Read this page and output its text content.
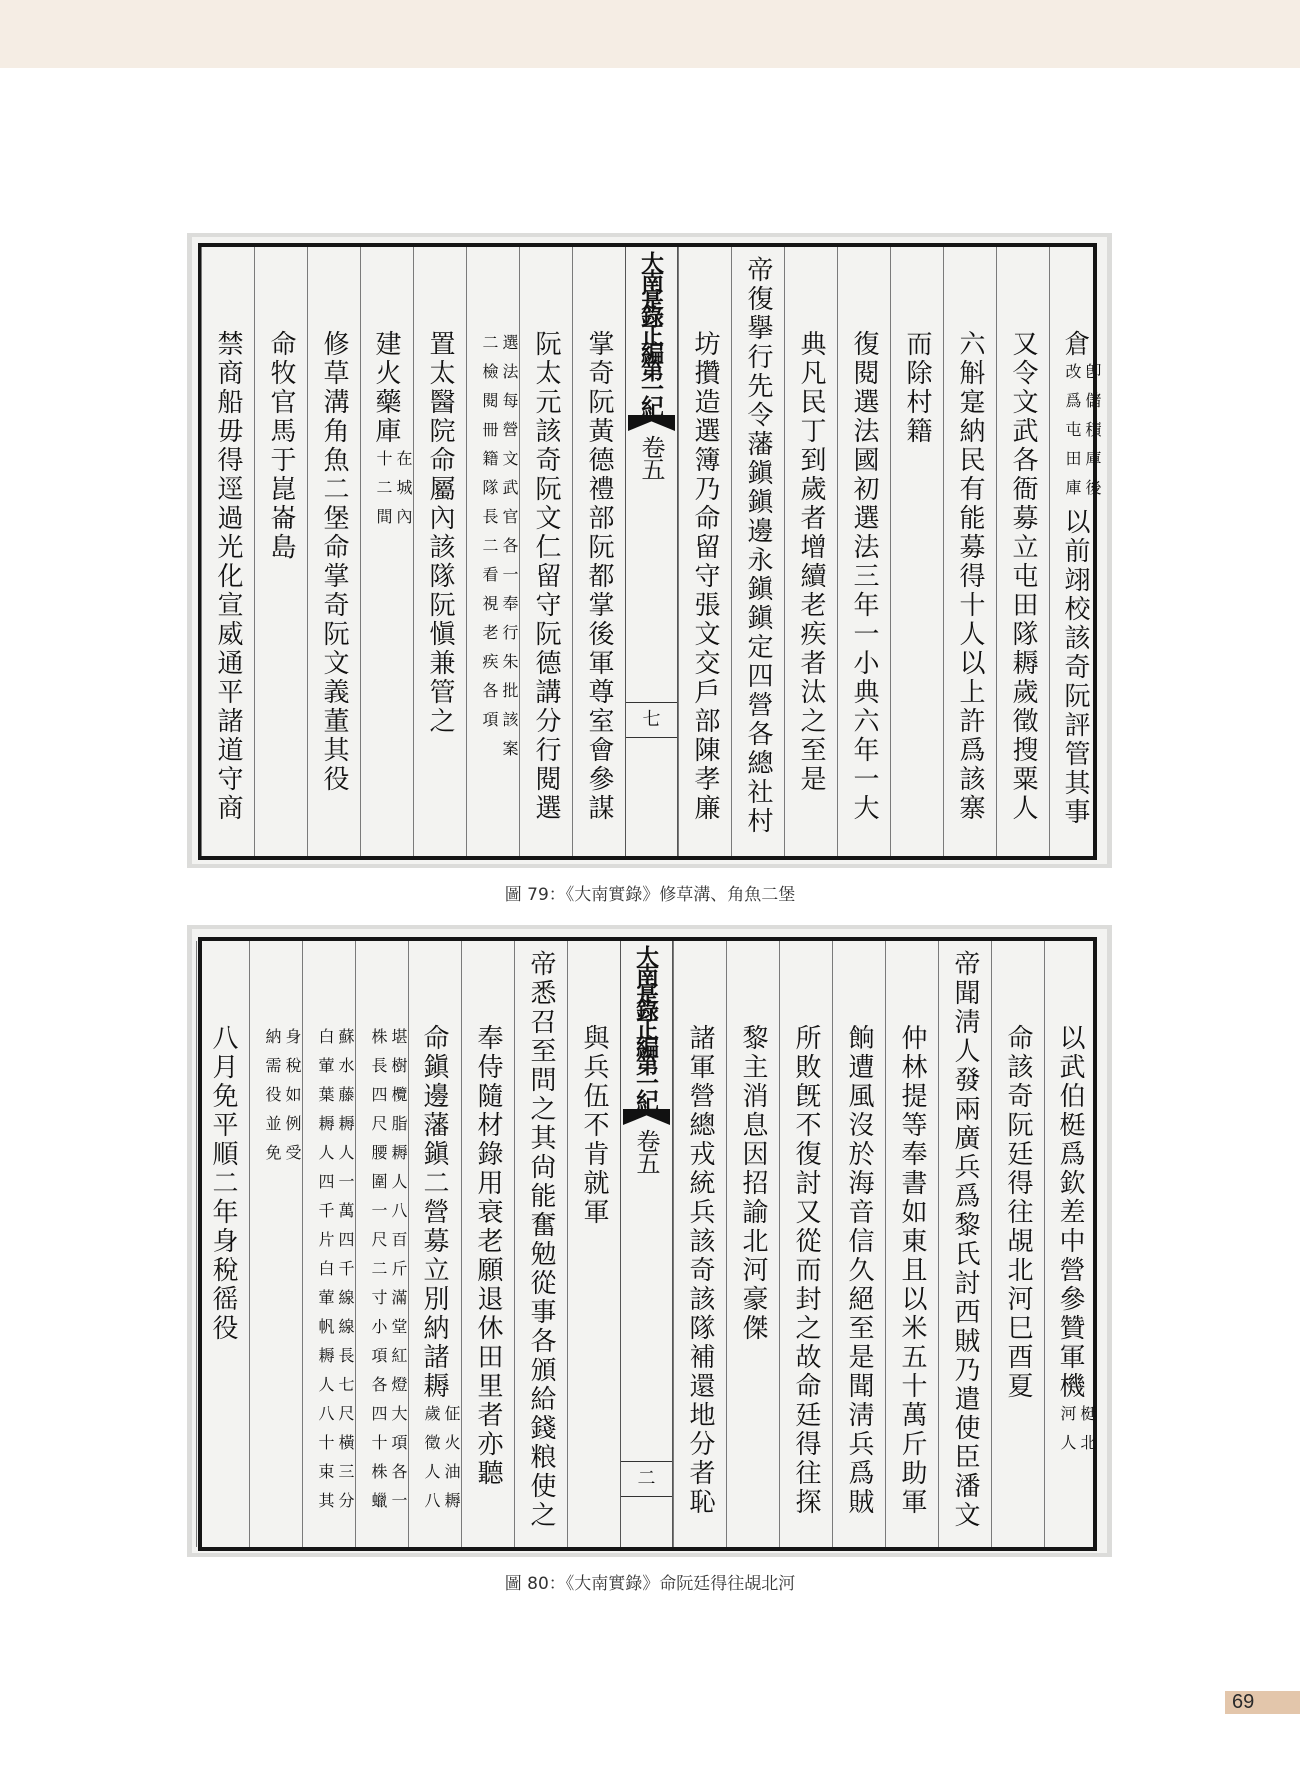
倉
卽儲積庫後
改爲屯田庫
以前翊校該奇阮評管其事
又令文武各衙募立屯田隊耨歲徵搜粟人
六斛寔納民有能募得十人以上許爲該寨
而除村籍
復閱選法國初選法三年一小典六年一大
典凡民丁到歲者增續老疾者汰之至是
帝復擧行先令藩鎭鎭邊永鎭鎭定四營各總社村
坊攢造選簿乃命留守張文交戶部陳孝廉
掌奇阮黃德禮部阮都掌後軍尊室會參謀
阮太元該奇阮文仁留守阮德講分行閱選
選法每營文武官各一奉行朱批該案
二檢閱冊籍隊長二看視老疾各項
置太醫院命屬內該隊阮愼兼管之
建火藥庫
在城內
十二間
修草溝角魚二堡命掌奇阮文義董其役
命牧官馬于崑崙島
禁商船毋得逕過光化宣威通平諸道守商	大南寔錄正編第一紀
卷五
七
圖 79：《大南實錄》修草溝、角魚二堡
以武伯梃爲欽差中營參贊軍機
梃北
河人
命該奇阮廷得往覘北河巳酉夏
帝聞淸人發兩廣兵爲黎氏討西賊乃遣使臣潘文
仲林提等奉書如東且以米五十萬斤助軍
餉遭風沒於海音信久絕至是聞淸兵爲賊
所敗旣不復討又從而封之故命廷得往探
黎主消息因招諭北河豪傑
諸軍營總戎統兵該奇該隊補還地分者恥
與兵伍不肯就軍
帝悉召至問之其尙能奮勉從事各頒給錢粮使之
奉侍隨材錄用衰老願退休田里者亦聽
命鎭邊藩鎭二營募立別納諸耨
佂火油耨
歲徵人八
堪樹欖脂耨人八百斤滿堂紅燈大項各一
株長四尺腰圍一尺二寸小項各四十株蠟
蘇水藤耨人一萬四千線線長七尺橫三分
白葷葉耨人四千片白葷帆耨人八十束其
身稅如例受
納需役並免
八月免平順二年身稅徭役	大南寔錄正編第一紀
卷五
二
圖 80：《大南實錄》命阮廷得往覘北河
69
